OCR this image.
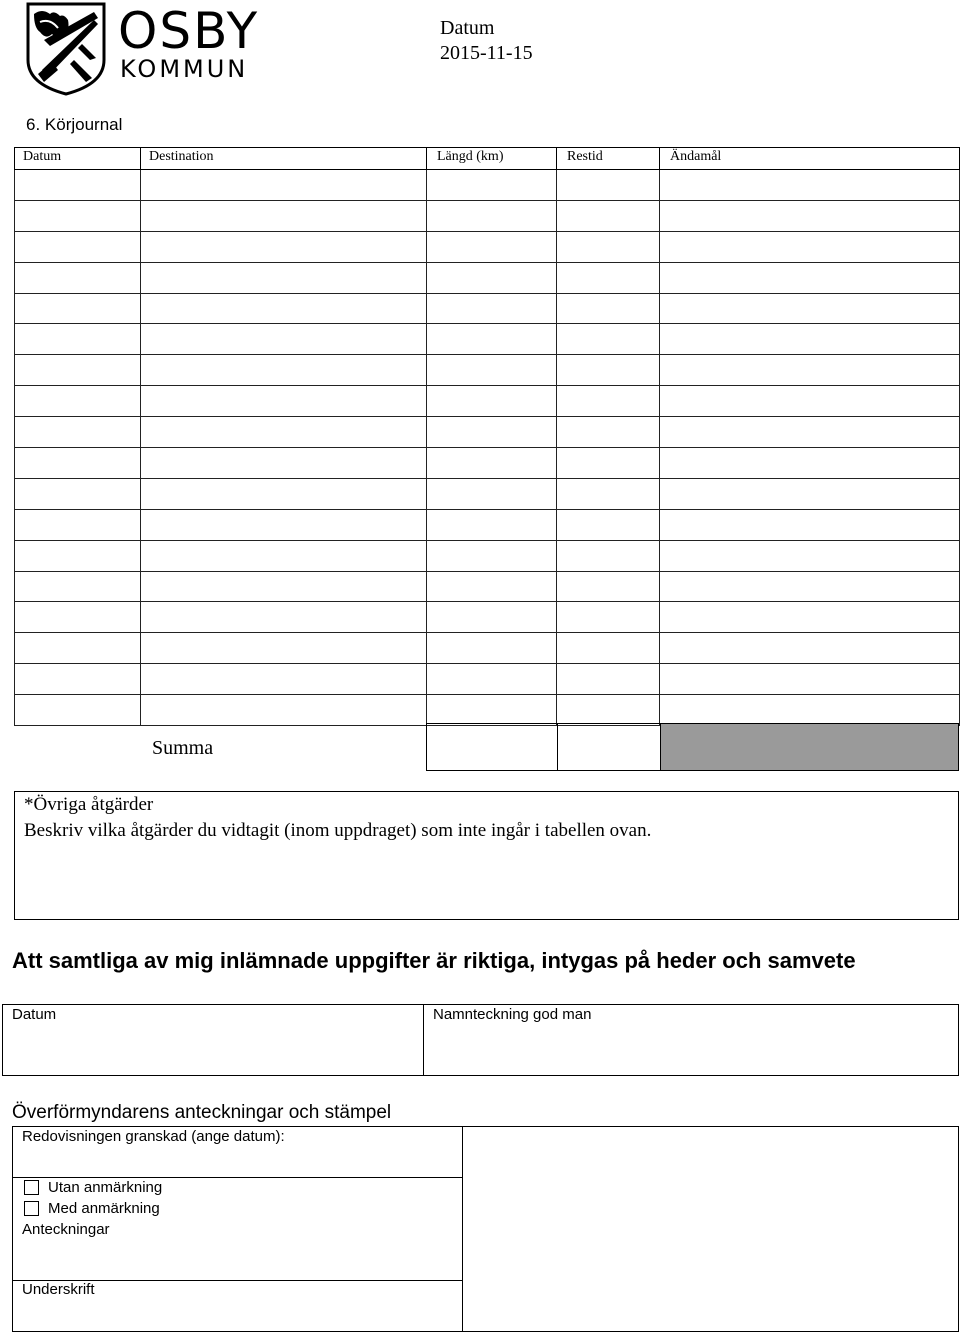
OSBY
KOMMUN
Datum
2015-11-15
6. Körjournal
Datum	Destination	Längd (km)	Restid	Ändamål

Summa
*Övriga åtgärder
Beskriv vilka åtgärder du vidtagit (inom uppdraget) som inte ingår i tabellen ovan.
Att samtliga av mig inlämnade uppgifter är riktiga, intygas på heder och samvete
Datum	Namnteckning god man
Överförmyndarens anteckningar och stämpel
Redovisningen granskad (ange datum):
Utan anmärkning
Med anmärkning
Anteckningar
Underskrift
